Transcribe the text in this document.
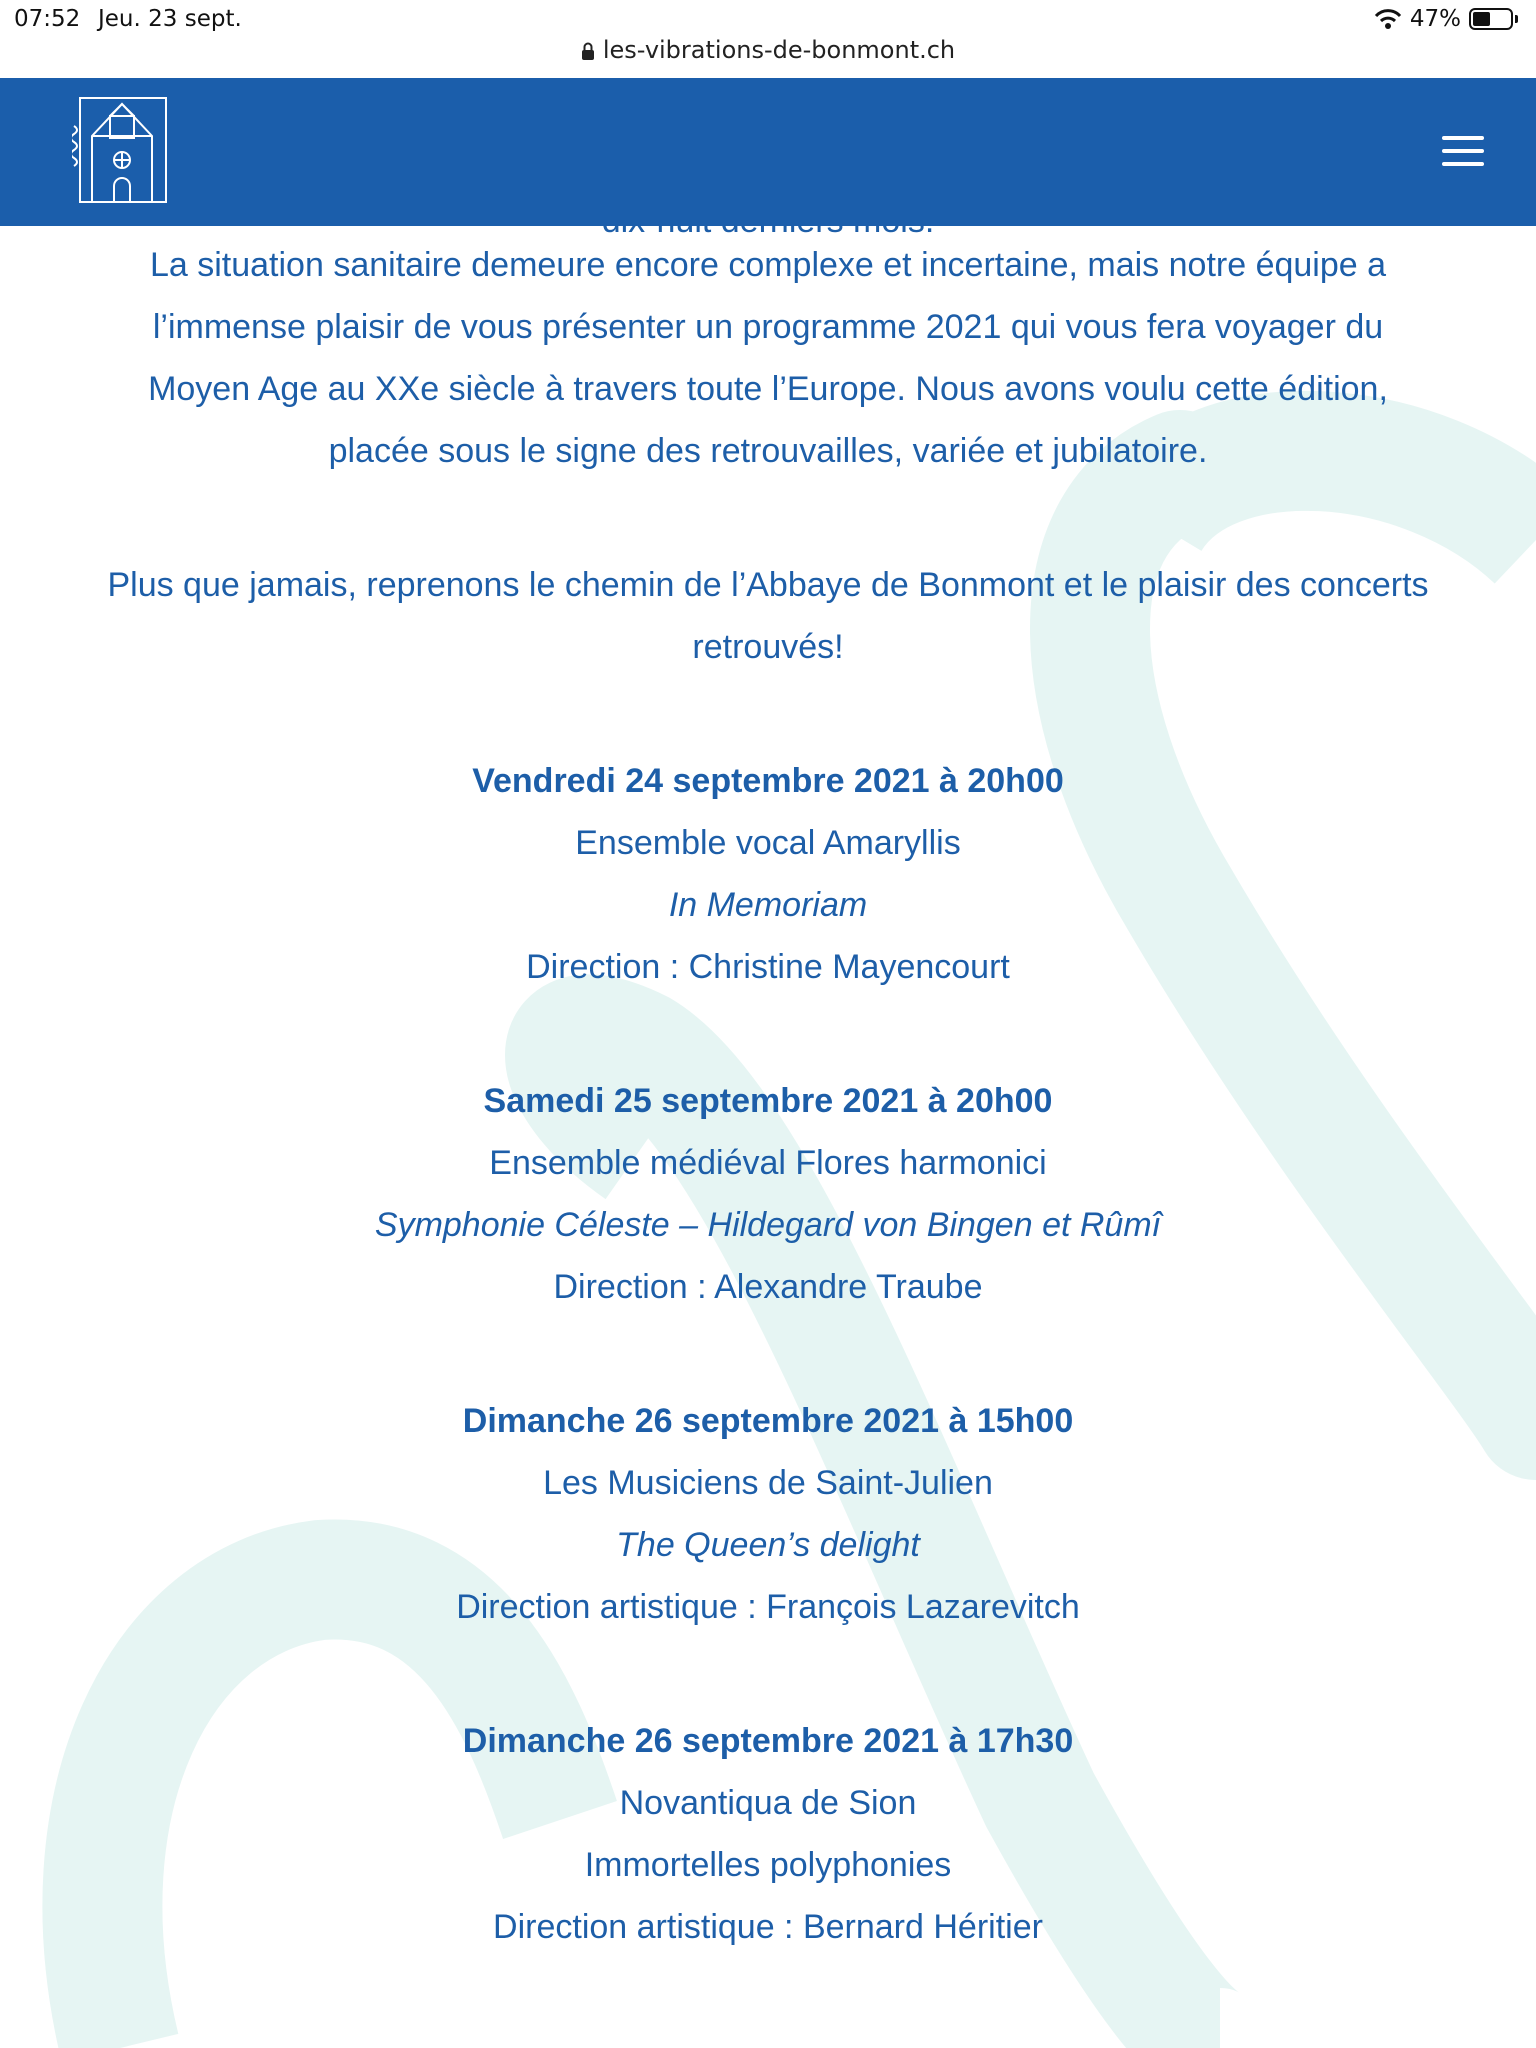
07:52 Jeu. 23 sept.	47%
les-vibrations-de-bonmont.ch
La situation sanitaire demeure encore complexe et incertaine, mais notre équipe a
l’immense plaisir de vous présenter un programme 2021 qui vous fera voyager du
Moyen Age au XXe siècle à travers toute l’Europe. Nous avons voulu cette édition,
placée sous le signe des retrouvailles, variée et jubilatoire.
Plus que jamais, reprenons le chemin de l’Abbaye de Bonmont et le plaisir des concerts
retrouvés!
Vendredi 24 septembre 2021 à 20h00
Ensemble vocal Amaryllis
In Memoriam
Direction : Christine Mayencourt
Samedi 25 septembre 2021 à 20h00
Ensemble médiéval Flores harmonici
Symphonie Céleste – Hildegard von Bingen et Rûmî
Direction : Alexandre Traube
Dimanche 26 septembre 2021 à 15h00
Les Musiciens de Saint-Julien
The Queen’s delight
Direction artistique : François Lazarevitch
Dimanche 26 septembre 2021 à 17h30
Novantiqua de Sion
Immortelles polyphonies
Direction artistique : Bernard Héritier
